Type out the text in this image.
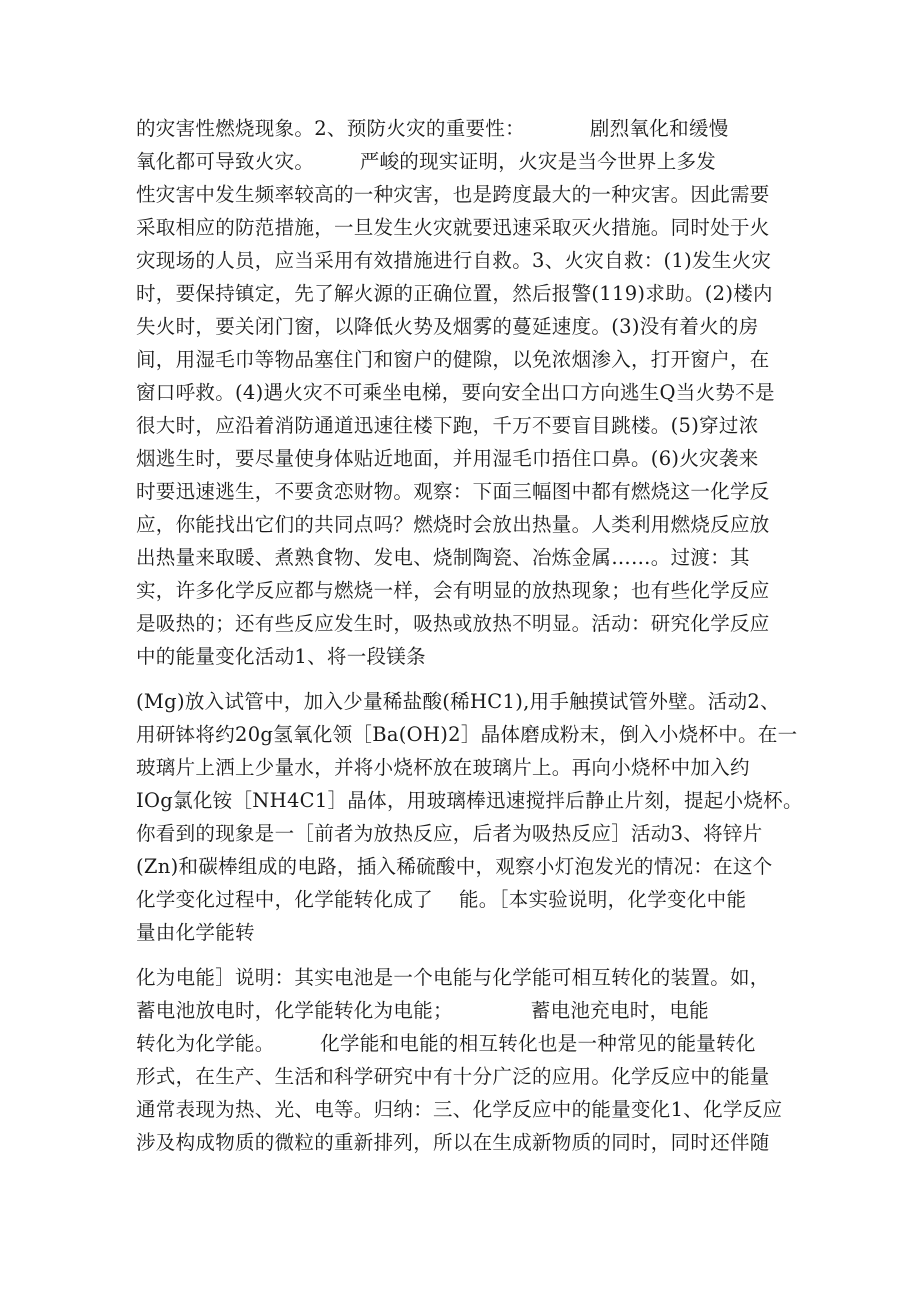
的灾害性燃烧现象。2、预防火灾的重要性：          剧烈氧化和缓慢
氧化都可导致火灾。       严峻的现实证明，火灾是当今世界上多发
性灾害中发生频率较高的一种灾害，也是跨度最大的一种灾害。因此需要
采取相应的防范措施，一旦发生火灾就要迅速采取灭火措施。同时处于火
灾现场的人员，应当采用有效措施进行自救。3、火灾自救：(1)发生火灾
时，要保持镇定，先了解火源的正确位置，然后报警(119)求助。(2)楼内
失火时，要关闭门窗，以降低火势及烟雾的蔓延速度。(3)没有着火的房
间，用湿毛巾等物品塞住门和窗户的健隙，以免浓烟渗入，打开窗户，在
窗口呼救。(4)遇火灾不可乘坐电梯，要向安全出口方向逃生Q当火势不是
很大时，应沿着消防通道迅速往楼下跑，千万不要盲目跳楼。(5)穿过浓
烟逃生时，要尽量使身体贴近地面，并用湿毛巾捂住口鼻。(6)火灾袭来
时要迅速逃生，不要贪恋财物。观察：下面三幅图中都有燃烧这一化学反
应，你能找出它们的共同点吗？燃烧时会放出热量。人类利用燃烧反应放
出热量来取暖、煮熟食物、发电、烧制陶瓷、冶炼金属……。过渡：其
实，许多化学反应都与燃烧一样，会有明显的放热现象；也有些化学反应
是吸热的；还有些反应发生时，吸热或放热不明显。活动：研究化学反应
中的能量变化活动1、将一段镁条
(Mg)放入试管中，加入少量稀盐酸(稀HC1),用手触摸试管外壁。活动2、
用研钵将约20g氢氧化领［Ba(OH)2］晶体磨成粉末，倒入小烧杯中。在一
玻璃片上洒上少量水，并将小烧杯放在玻璃片上。再向小烧杯中加入约
IOg氯化铵［NH4C1］晶体，用玻璃棒迅速搅拌后静止片刻，提起小烧杯。
你看到的现象是一［前者为放热反应，后者为吸热反应］活动3、将锌片
(Zn)和碳棒组成的电路，插入稀硫酸中，观察小灯泡发光的情况：在这个
化学变化过程中，化学能转化成了    能。［本实验说明，化学变化中能
量由化学能转
化为电能］说明：其实电池是一个电能与化学能可相互转化的装置。如，
蓄电池放电时，化学能转化为电能；            蓄电池充电时，电能
转化为化学能。       化学能和电能的相互转化也是一种常见的能量转化
形式，在生产、生活和科学研究中有十分广泛的应用。化学反应中的能量
通常表现为热、光、电等。归纳：三、化学反应中的能量变化1、化学反应
涉及构成物质的微粒的重新排列，所以在生成新物质的同时，同时还伴随
